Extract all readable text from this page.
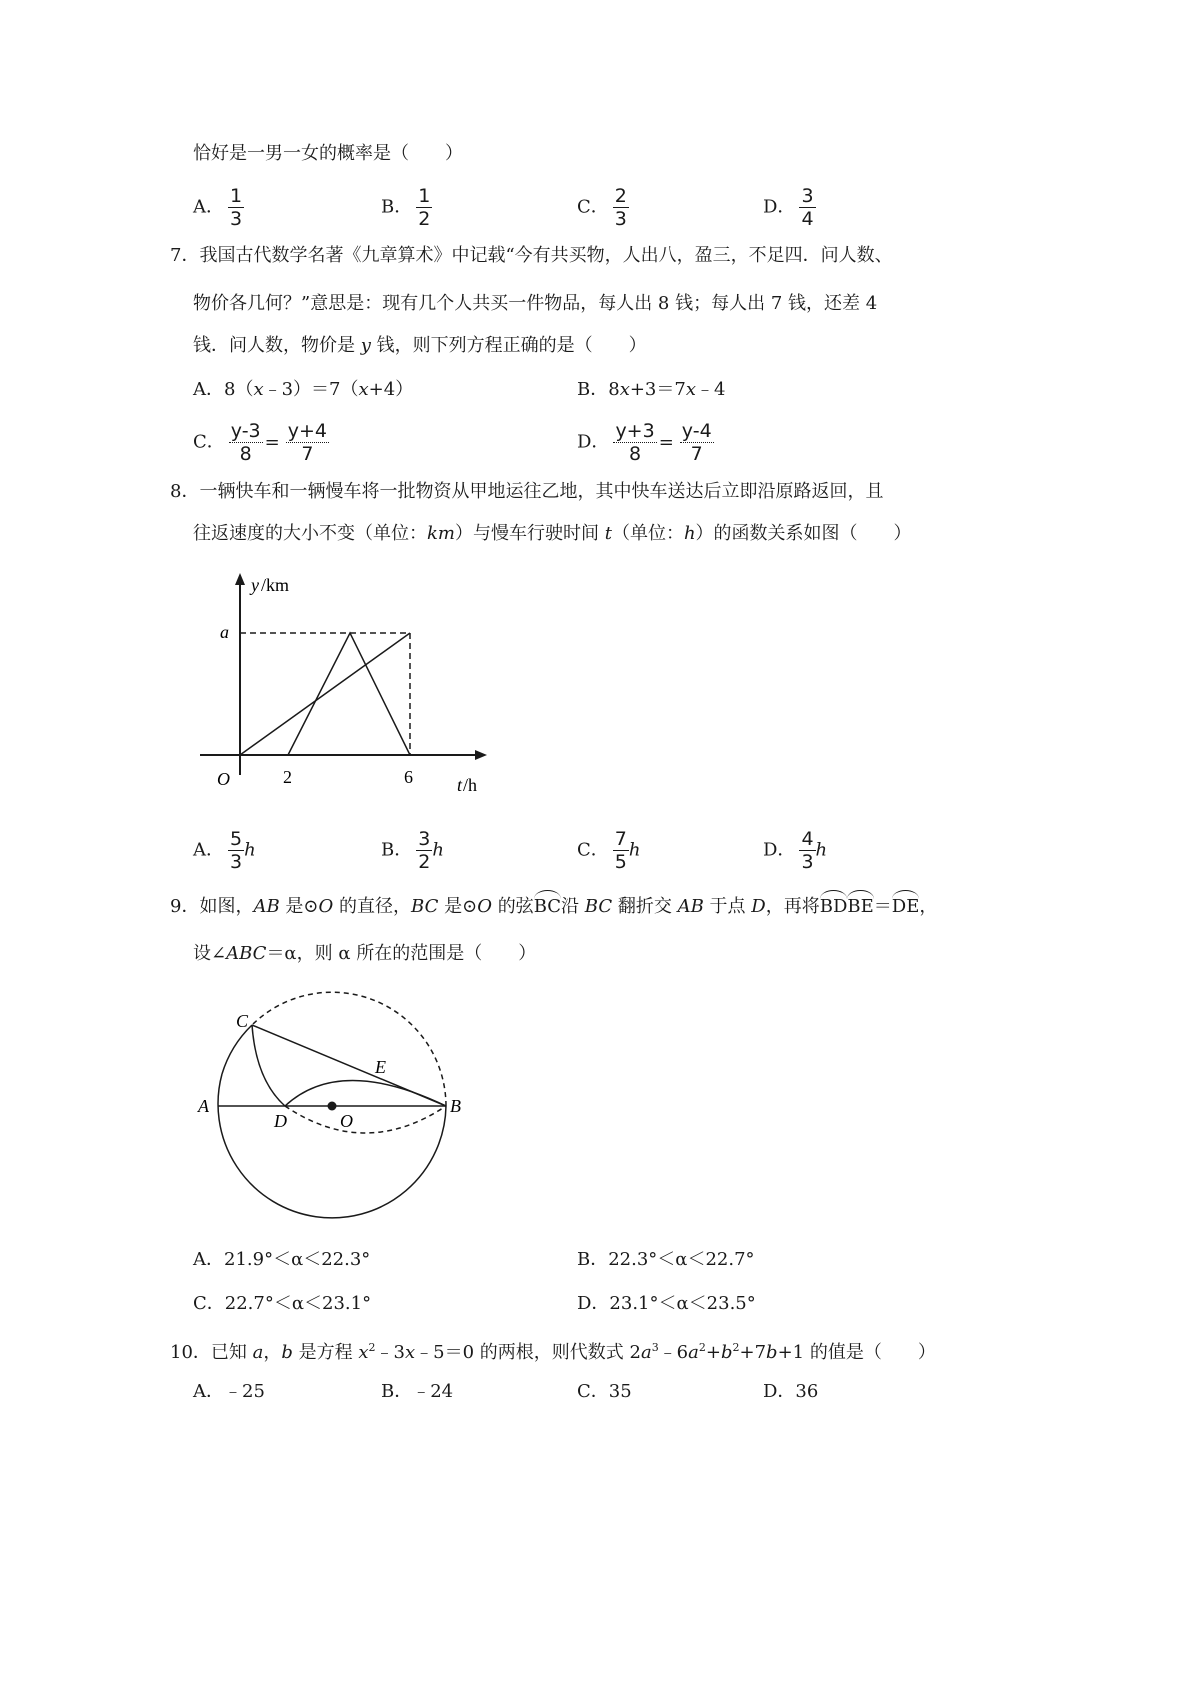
恰好是一男一女的概率是（　　）
A． $\frac{1}{3}$	B． $\frac{1}{2}$	C． $\frac{2}{3}$	D． $\frac{3}{4}$
7．我国古代数学名著《九章算术》中记载“今有共买物，人出八，盈三，不足四．问人数、
物价各几何？”意思是：现有几个人共买一件物品，每人出 8 钱；每人出 7 钱，还差 4
钱．问人数，物价是 y 钱，则下列方程正确的是（　　）
A．8（x﹣3）＝7（x+4）	B．8x+3＝7x﹣4
C． $\frac{y-3}{8} = \frac{y+4}{7}$	D． $\frac{y+3}{8} = \frac{y-4}{7}$
8．一辆快车和一辆慢车将一批物资从甲地运往乙地，其中快车送达后立即沿原路返回，且
往返速度的大小不变（单位：km）与慢车行驶时间 t（单位：h）的函数关系如图（　　）
y /km
a
O	2	6 t /h
A． $\frac{5}{3}$ h	B． $\frac{3}{2}$ h	C． $\frac{7}{5}$ h	D． $\frac{4}{3}$ h
9．如图，AB 是⊙O 的直径，BC 是⊙O 的弦BC沿 BC 翻折交 AB 于点 D，再将BDBE＝DE，
设∠ABC＝α，则 α 所在的范围是（　　）
C
A
D	O
E
B
A．21.9°＜α＜22.3°	B．22.3°＜α＜22.7°
C．22.7°＜α＜23.1°	D．23.1°＜α＜23.5°
10．已知 a，b 是方程 $x^2﹣3x﹣5=0$ 的两根，则代数式 $2a^3﹣6a^2+b^2+7b+1$ 的值是（　　）
A．﹣25	B．﹣24	C．35	D．36
